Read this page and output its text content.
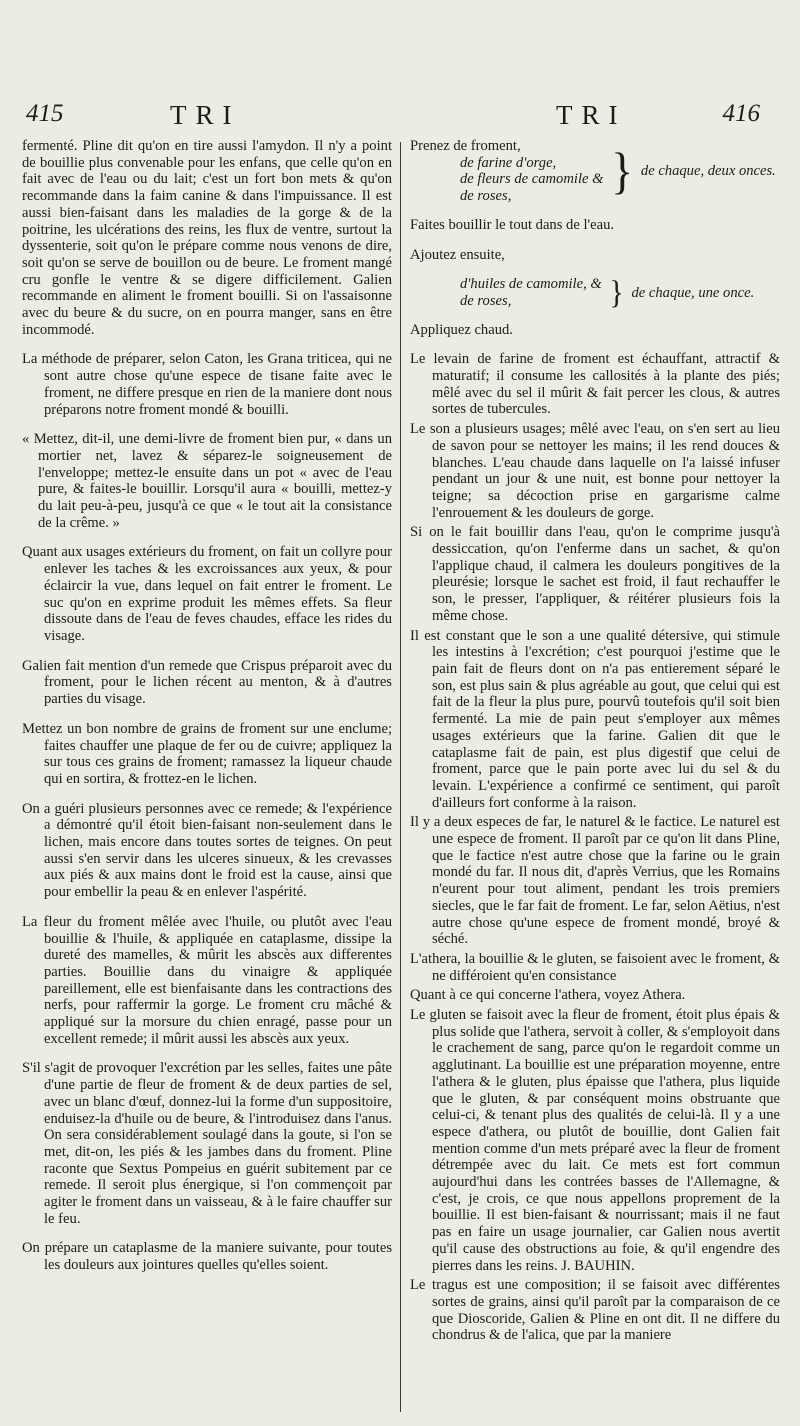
415	TRI	TRI	416

fermenté. Pline dit qu'on en tire aussi l'amydon. Il n'y a point de bouillie plus convenable pour les enfans, que celle qu'on en fait avec de l'eau ou du lait; c'est un fort bon mets & qu'on recommande dans la faim canine & dans l'impuissance. Il est aussi bien-faisant dans les maladies de la gorge & de la poitrine, les ulcérations des reins, les flux de ventre, surtout la dyssenterie, soit qu'on le prépare comme nous venons de dire, soit qu'on se serve de bouillon ou de beure. Le froment mangé cru gonfle le ventre & se digere difficilement. Galien recommande en aliment le froment bouilli. Si on l'assaisonne avec du beure & du sucre, on en pourra manger, sans en être incommodé.

La méthode de préparer, selon Caton, les Grana triticea, qui ne sont autre chose qu'une espece de tisane faite avec le froment, ne differe presque en rien de la maniere dont nous préparons notre froment mondé & bouilli.

« Mettez, dit-il, une demi-livre de froment bien pur, « dans un mortier net, lavez & séparez-le soigneusement de l'enveloppe; mettez-le ensuite dans un pot « avec de l'eau pure, & faites-le bouillir. Lorsqu'il aura « bouilli, mettez-y du lait peu-à-peu, jusqu'à ce que « le tout ait la consistance de la crême. »

Quant aux usages extérieurs du froment, on fait un collyre pour enlever les taches & les excroissances aux yeux, & pour éclaircir la vue, dans lequel on fait entrer le froment. Le suc qu'on en exprime produit les mêmes effets. Sa fleur dissoute dans de l'eau de feves chaudes, efface les rides du visage.

Galien fait mention d'un remede que Crispus préparoit avec du froment, pour le lichen récent au menton, & à d'autres parties du visage.

Mettez un bon nombre de grains de froment sur une enclume; faites chauffer une plaque de fer ou de cuivre; appliquez la sur tous ces grains de froment; ramassez la liqueur chaude qui en sortira, & frottez-en le lichen.

On a guéri plusieurs personnes avec ce remede; & l'expérience a démontré qu'il étoit bien-faisant non-seulement dans le lichen, mais encore dans toutes sortes de teignes. On peut aussi s'en servir dans les ulceres sinueux, & les crevasses aux piés & aux mains dont le froid est la cause, ainsi que pour embellir la peau & en enlever l'aspérité.

La fleur du froment mêlée avec l'huile, ou plutôt avec l'eau bouillie & l'huile, & appliquée en cataplasme, dissipe la dureté des mamelles, & mûrit les abscès aux differentes parties. Bouillie dans du vinaigre & appliquée pareillement, elle est bienfaisante dans les contractions des nerfs, pour raffermir la gorge. Le froment cru mâché & appliqué sur la morsure du chien enragé, passe pour un excellent remede; il mûrit aussi les abscès aux yeux.

S'il s'agit de provoquer l'excrétion par les selles, faites une pâte d'une partie de fleur de froment & de deux parties de sel, avec un blanc d'œuf, donnez-lui la forme d'un suppositoire, enduisez-la d'huile ou de beure, & l'introduisez dans l'anus. On sera considérablement soulagé dans la goute, si l'on se met, dit-on, les piés & les jambes dans du froment. Pline raconte que Sextus Pompeius en guérit subitement par ce remede. Il seroit plus énergique, si l'on commençoit par agiter le froment dans un vaisseau, & à le faire chauffer sur le feu.

On prépare un cataplasme de la maniere suivante, pour toutes les douleurs aux jointures quelles qu'elles soient.

Prenez de froment,
de farine d'orge,
de fleurs de camomile &
de roses,	} de chaque, deux onces.

Faites bouillir le tout dans de l'eau.

Ajoutez ensuite,

d'huiles de camomile, &
de roses,	} de chaque, une once.

Appliquez chaud.

Le levain de farine de froment est échauffant, attractif & maturatif; il consume les callosités à la plante des piés; mêlé avec du sel il mûrit & fait percer les clous, & autres sortes de tubercules.

Le son a plusieurs usages; mêlé avec l'eau, on s'en sert au lieu de savon pour se nettoyer les mains; il les rend douces & blanches. L'eau chaude dans laquelle on l'a laissé infuser pendant un jour & une nuit, est bonne pour nettoyer la teigne; sa décoction prise en gargarisme calme l'enrouement & les douleurs de gorge.

Si on le fait bouillir dans l'eau, qu'on le comprime jusqu'à dessiccation, qu'on l'enferme dans un sachet, & qu'on l'applique chaud, il calmera les douleurs pongitives de la pleurésie; lorsque le sachet est froid, il faut rechauffer le son, le presser, l'appliquer, & réitérer plusieurs fois la même chose.

Il est constant que le son a une qualité détersive, qui stimule les intestins à l'excrétion; c'est pourquoi j'estime que le pain fait de fleurs dont on n'a pas entierement séparé le son, est plus sain & plus agréable au gout, que celui qui est fait de la fleur la plus pure, pourvû toutefois qu'il soit bien fermenté. La mie de pain peut s'employer aux mêmes usages extérieurs que la farine. Galien dit que le cataplasme fait de pain, est plus digestif que celui de froment, parce que le pain porte avec lui du sel & du levain. L'expérience a confirmé ce sentiment, qui paroît d'ailleurs fort conforme à la raison.

Il y a deux especes de far, le naturel & le factice. Le naturel est une espece de froment. Il paroît par ce qu'on lit dans Pline, que le factice n'est autre chose que la farine ou le grain mondé du far. Il nous dit, d'après Verrius, que les Romains n'eurent pour tout aliment, pendant les trois premiers siecles, que le far fait de froment. Le far, selon Aëtius, n'est autre chose qu'une espece de froment mondé, broyé & séché.

L'athera, la bouillie & le gluten, se faisoient avec le froment, & ne différoient qu'en consistance

Quant à ce qui concerne l'athera, voyez Athera.

Le gluten se faisoit avec la fleur de froment, étoit plus épais & plus solide que l'athera, servoit à coller, & s'employoit dans le crachement de sang, parce qu'on le regardoit comme un agglutinant. La bouillie est une préparation moyenne, entre l'athera & le gluten, plus épaisse que l'athera, plus liquide que le gluten, & par conséquent moins obstruante que celui-ci, & tenant plus des qualités de celui-là. Il y a une espece d'athera, ou plutôt de bouillie, dont Galien fait mention comme d'un mets préparé avec la fleur de froment détrempée avec du lait. Ce mets est fort commun aujourd'hui dans les contrées basses de l'Allemagne, & c'est, je crois, ce que nous appellons proprement de la bouillie. Il est bien-faisant & nourrissant; mais il ne faut pas en faire un usage journalier, car Galien nous avertit qu'il cause des obstructions au foie, & qu'il engendre des pierres dans les reins. J. BAUHIN.

Le tragus est une composition; il se faisoit avec différentes sortes de grains, ainsi qu'il paroît par la comparaison de ce que Dioscoride, Galien & Pline en ont dit. Il ne differe du chondrus & de l'alica, que par la maniere
